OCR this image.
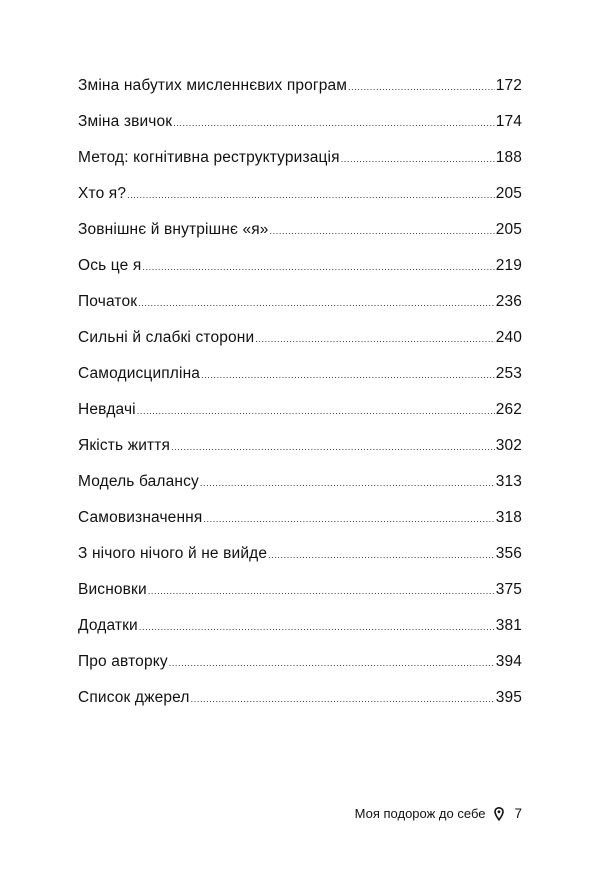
Зміна набутих мисленнєвих програм .....	172
Зміна звичок .....	174
Метод: когнітивна реструктуризація .....	188
Хто я? .....	205
Зовнішнє й внутрішнє «я» .....	205
Ось це я .....	219
Початок .....	236
Сильні й слабкі сторони .....	240
Самодисципліна .....	253
Невдачі .....	262
Якість життя .....	302
Модель балансу .....	313
Самовизначення .....	318
З нічого нічого й не вийде .....	356
Висновки .....	375
Додатки .....	381
Про авторку .....	394
Список джерел .....	395
Моя подорож до себе 7
